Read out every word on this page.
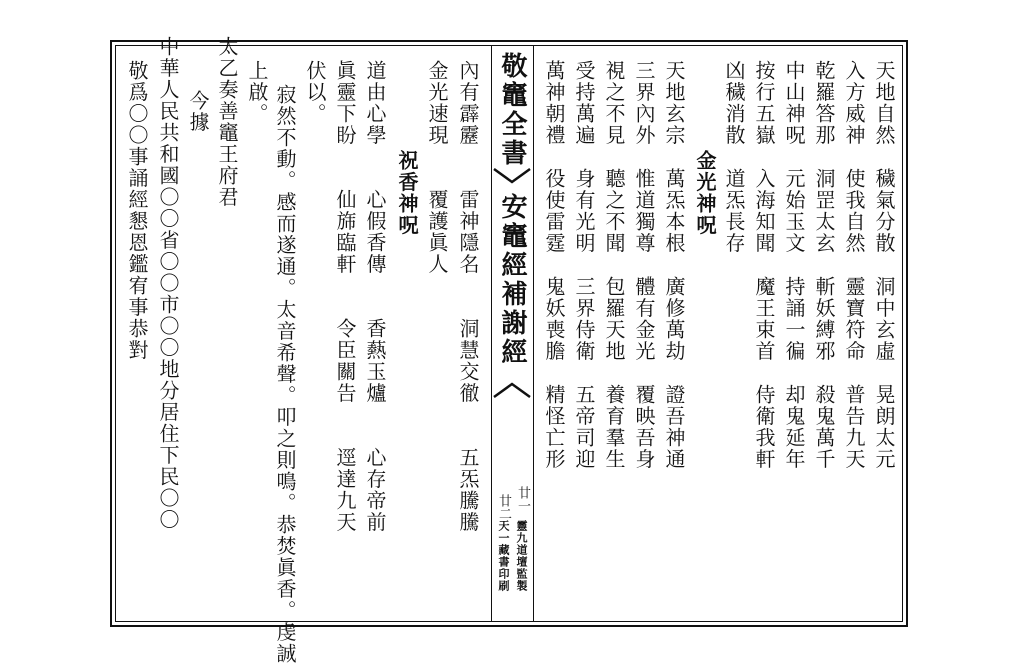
敬竈全書
安竈經補謝經
廿一
廿二
靈九道壇監製
天一藏書印刷
天地自然
穢氣分散
洞中玄虛
晃朗太元
入方威神
使我自然
靈寶符命
普告九天
乾羅答那
洞罡太玄
斬妖縛邪
殺鬼萬千
中山神呪
元始玉文
持誦一徧
却鬼延年
按行五嶽
入海知聞
魔王束首
侍衛我軒
凶穢消散
道炁長存
金光神呪
天地玄宗
萬炁本根
廣修萬劫
證吾神通
三界內外
惟道獨尊
體有金光
覆映吾身
視之不見
聽之不聞
包羅天地
養育羣生
受持萬遍
身有光明
三界侍衛
五帝司迎
萬神朝禮
役使雷霆
鬼妖喪膽
精怪亡形
內有霹靂　　雷神隱名　　洞慧交徹　　五炁騰騰
金光速現　　覆護眞人
祝香神呪
道由心學　　心假香傳　　香爇玉爐　　心存帝前
眞靈下盼　　仙旆臨軒　　令臣關告　　逕達九天
伏以。
寂然不動。感而遂通。太音希聲。叩之則鳴。恭焚眞香。虔誠
上啟。
太乙奏善竈王府君
今據
中華人民共和國〇〇省〇〇市〇〇地分居住下民〇〇
敬爲〇〇事誦經懇恩鑑宥事恭對
